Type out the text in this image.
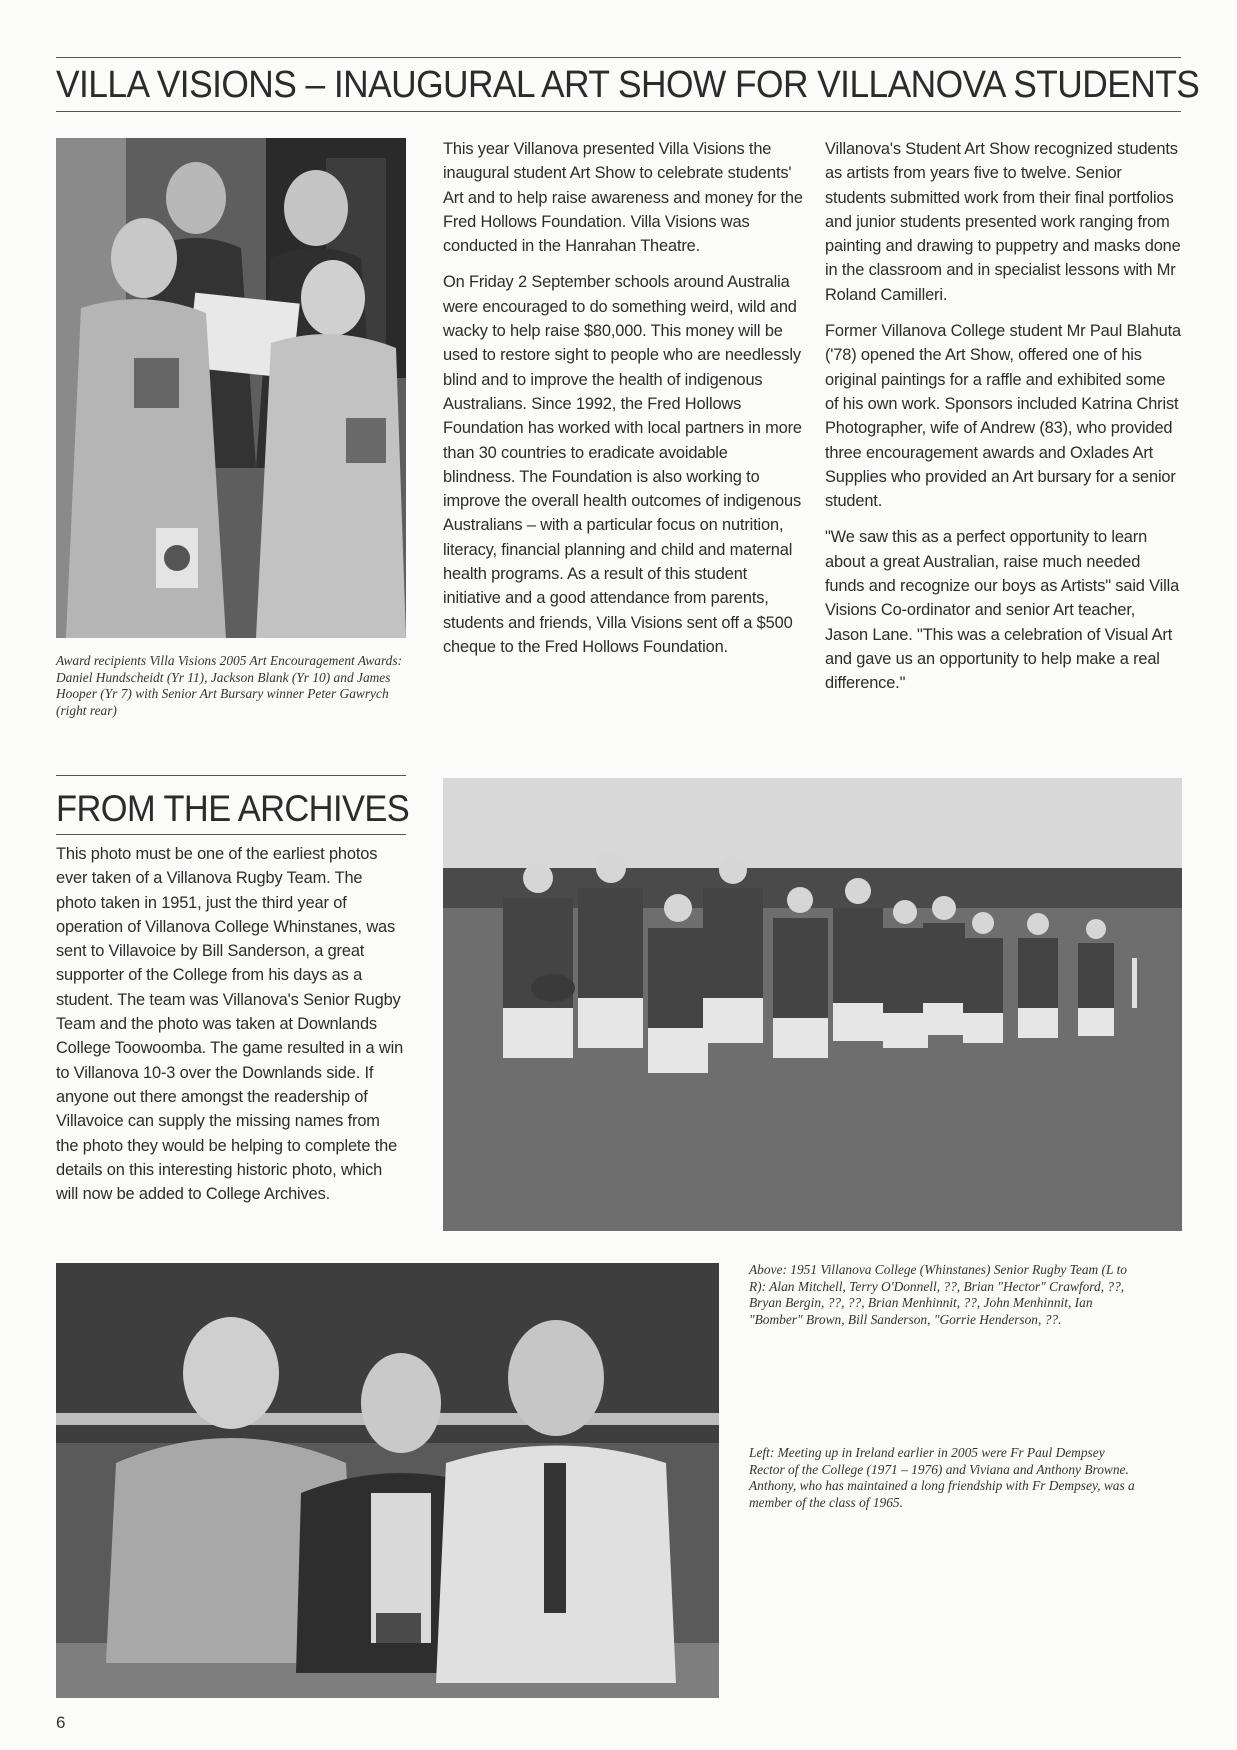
VILLA VISIONS – INAUGURAL ART SHOW FOR VILLANOVA STUDENTS
Award recipients Villa Visions 2005 Art Encouragement Awards: Daniel Hundscheidt (Yr 11), Jackson Blank (Yr 10) and James Hooper (Yr 7) with Senior Art Bursary winner Peter Gawrych (right rear)

This year Villanova presented Villa Visions the inaugural student Art Show to celebrate students' Art and to help raise awareness and money for the Fred Hollows Foundation. Villa Visions was conducted in the Hanrahan Theatre.

On Friday 2 September schools around Australia were encouraged to do something weird, wild and wacky to help raise $80,000. This money will be used to restore sight to people who are needlessly blind and to improve the health of indigenous Australians. Since 1992, the Fred Hollows Foundation has worked with local partners in more than 30 countries to eradicate avoidable blindness. The Foundation is also working to improve the overall health outcomes of indigenous Australians – with a particular focus on nutrition, literacy, financial planning and child and maternal health programs. As a result of this student initiative and a good attendance from parents, students and friends, Villa Visions sent off a $500 cheque to the Fred Hollows Foundation.

Villanova's Student Art Show recognized students as artists from years five to twelve. Senior students submitted work from their final portfolios and junior students presented work ranging from painting and drawing to puppetry and masks done in the classroom and in specialist lessons with Mr Roland Camilleri.

Former Villanova College student Mr Paul Blahuta ('78) opened the Art Show, offered one of his original paintings for a raffle and exhibited some of his own work. Sponsors included Katrina Christ Photographer, wife of Andrew (83), who provided three encouragement awards and Oxlades Art Supplies who provided an Art bursary for a senior student.

"We saw this as a perfect opportunity to learn about a great Australian, raise much needed funds and recognize our boys as Artists" said Villa Visions Co-ordinator and senior Art teacher, Jason Lane. "This was a celebration of Visual Art and gave us an opportunity to help make a real difference."

FROM THE ARCHIVES
This photo must be one of the earliest photos ever taken of a Villanova Rugby Team. The photo taken in 1951, just the third year of operation of Villanova College Whinstanes, was sent to Villavoice by Bill Sanderson, a great supporter of the College from his days as a student. The team was Villanova's Senior Rugby Team and the photo was taken at Downlands College Toowoomba. The game resulted in a win to Villanova 10-3 over the Downlands side. If anyone out there amongst the readership of Villavoice can supply the missing names from the photo they would be helping to complete the details on this interesting historic photo, which will now be added to College Archives.
Above: 1951 Villanova College (Whinstanes) Senior Rugby Team (L to R): Alan Mitchell, Terry O'Donnell, ??, Brian "Hector" Crawford, ??, Bryan Bergin, ??, ??, Brian Menhinnit, ??, John Menhinnit, Ian "Bomber" Brown, Bill Sanderson, "Gorrie Henderson, ??.
Left: Meeting up in Ireland earlier in 2005 were Fr Paul Dempsey Rector of the College (1971 – 1976) and Viviana and Anthony Browne. Anthony, who has maintained a long friendship with Fr Dempsey, was a member of the class of 1965.
6
